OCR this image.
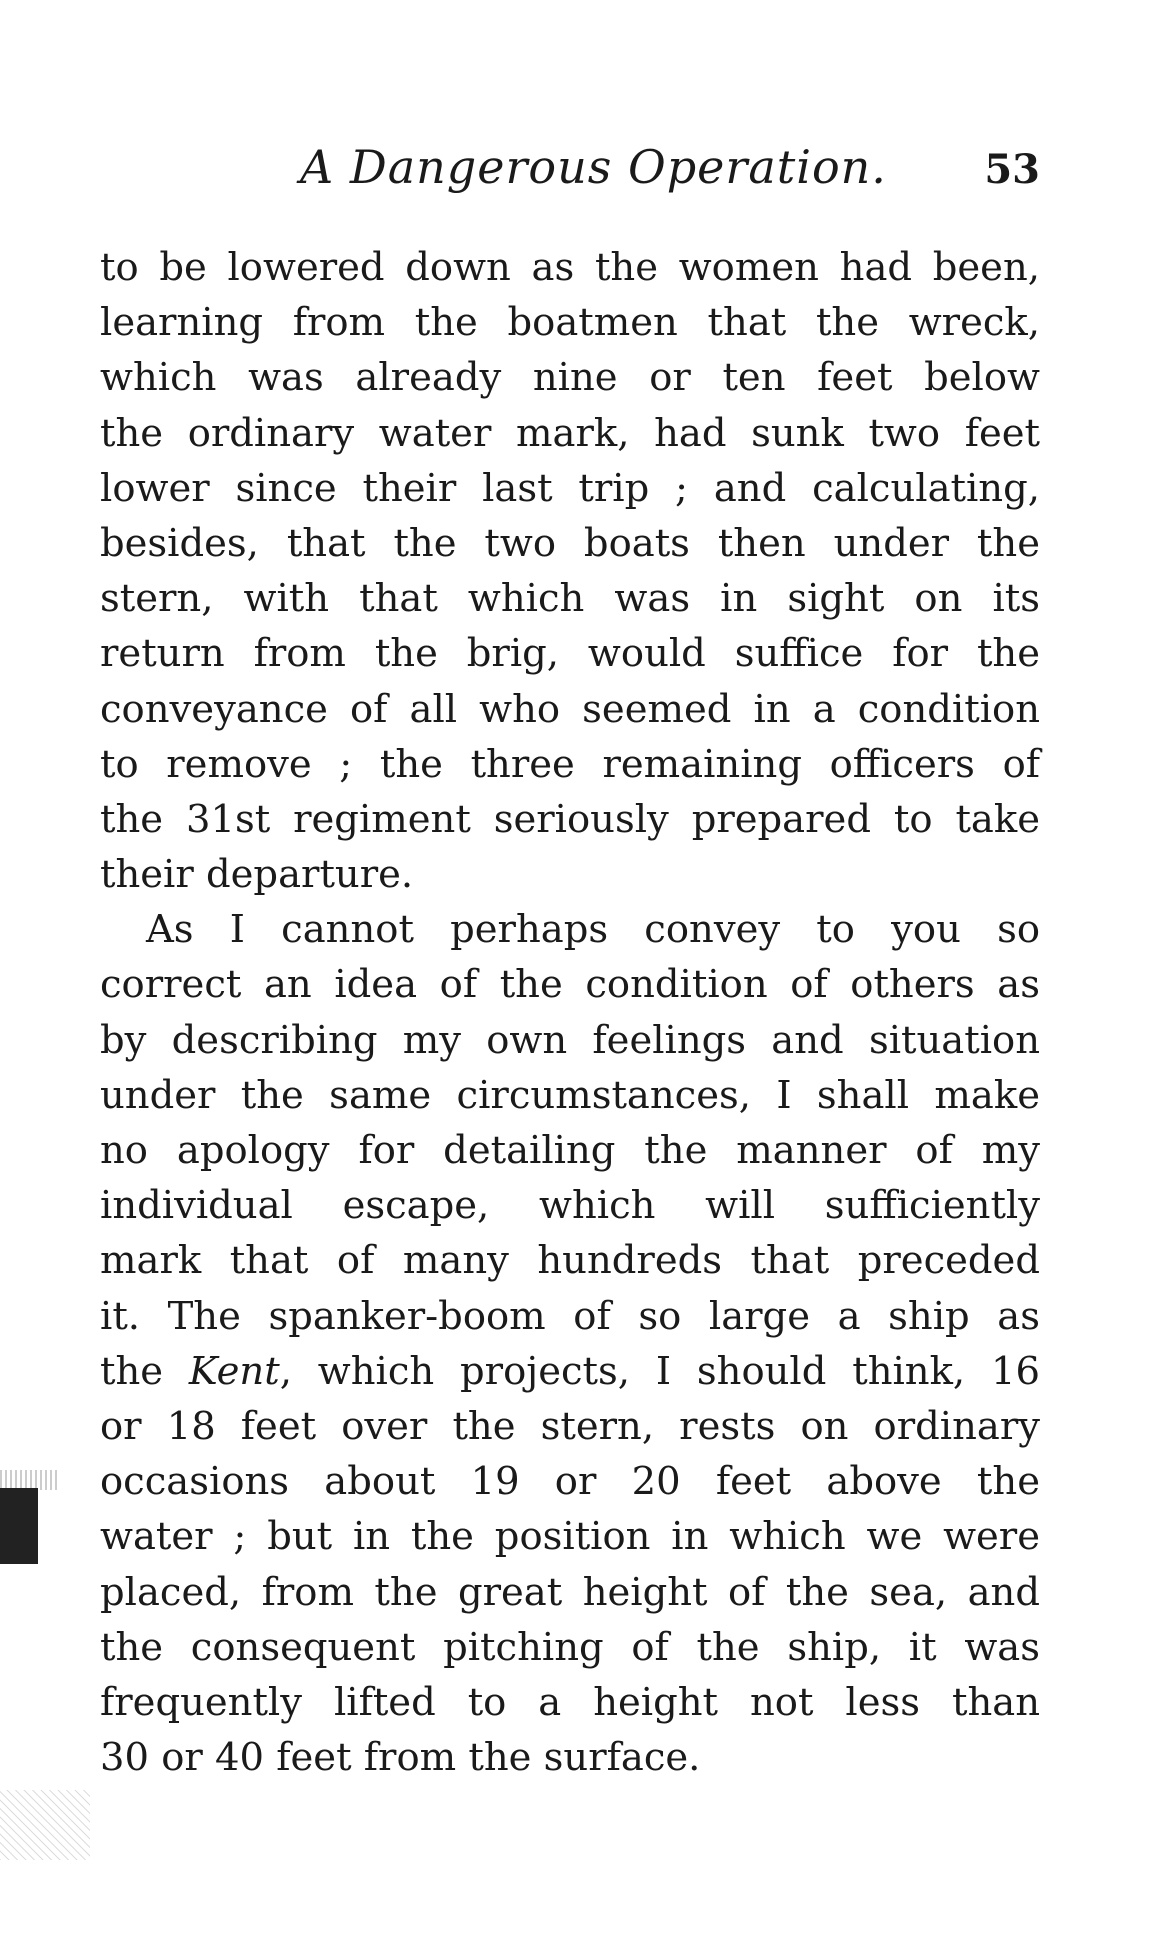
A Dangerous Operation. 53
to be lowered down as the women had been,
learning from the boatmen that the wreck,
which was already nine or ten feet below
the ordinary water mark, had sunk two feet
lower since their last trip ; and calculating,
besides, that the two boats then under the
stern, with that which was in sight on its
return from the brig, would suffice for the
conveyance of all who seemed in a condition
to remove ; the three remaining officers of
the 31st regiment seriously prepared to take
their departure.
As I cannot perhaps convey to you so
correct an idea of the condition of others as
by describing my own feelings and situation
under the same circumstances, I shall make
no apology for detailing the manner of my
individual escape, which will sufficiently
mark that of many hundreds that preceded
it. The spanker-boom of so large a ship as
the Kent, which projects, I should think, 16
or 18 feet over the stern, rests on ordinary
occasions about 19 or 20 feet above the
water ; but in the position in which we were
placed, from the great height of the sea, and
the consequent pitching of the ship, it was
frequently lifted to a height not less than
30 or 40 feet from the surface.
